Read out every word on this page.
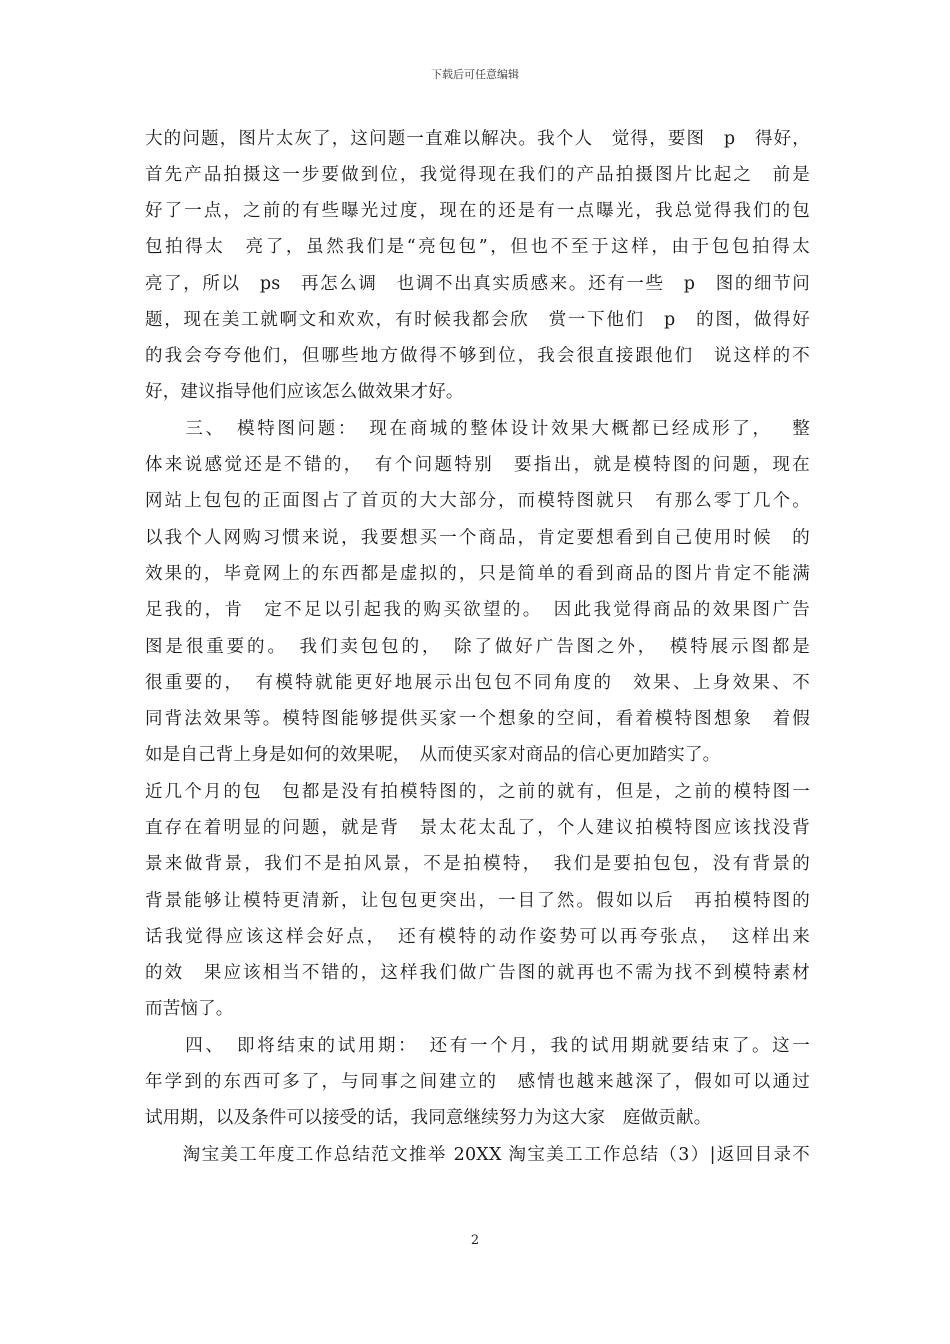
下载后可任意编辑
大的问题，图片太灰了，这问题一直难以解决。我个人　觉得，要图　p　得好，
首先产品拍摄这一步要做到位，我觉得现在我们的产品拍摄图片比起之　前是
好了一点，之前的有些曝光过度，现在的还是有一点曝光，我总觉得我们的包
包拍得太　亮了，虽然我们是“亮包包”，但也不至于这样，由于包包拍得太
亮了，所以　ps　再怎么调　也调不出真实质感来。还有一些　p　图的细节问
题，现在美工就啊文和欢欢，有时候我都会欣　赏一下他们　p　的图，做得好
的我会夸夸他们，但哪些地方做得不够到位，我会很直接跟他们　说这样的不
好，建议指导他们应该怎么做效果才好。
　　三、　模特图问题：　现在商城的整体设计效果大概都已经成形了，　 整
体来说感觉还是不错的，　有个问题特别　要指出，就是模特图的问题，现在
网站上包包的正面图占了首页的大大部分，而模特图就只　有那么零丁几个。
以我个人网购习惯来说，我要想买一个商品，肯定要想看到自己使用时候　的
效果的，毕竟网上的东西都是虚拟的，只是简单的看到商品的图片肯定不能满
足我的，肯　定不足以引起我的购买欲望的。　因此我觉得商品的效果图广告
图是很重要的。　我们卖包包的，　除了做好广告图之外，　模特展示图都是
很重要的，　有模特就能更好地展示出包包不同角度的　效果、上身效果、不
同背法效果等。模特图能够提供买家一个想象的空间，看着模特图想象　着假
如是自己背上身是如何的效果呢，　从而使买家对商品的信心更加踏实了。
近几个月的包　包都是没有拍模特图的，之前的就有，但是，之前的模特图一
直存在着明显的问题，就是背　景太花太乱了，个人建议拍模特图应该找没背
景来做背景，我们不是拍风景，不是拍模特，　我们是要拍包包，没有背景的
背景能够让模特更清新，让包包更突出，一目了然。假如以后　再拍模特图的
话我觉得应该这样会好点，　还有模特的动作姿势可以再夸张点，　这样出来
的效　果应该相当不错的，这样我们做广告图的就再也不需为找不到模特素材
而苦恼了。
　　四、　即将结束的试用期：　还有一个月，我的试用期就要结束了。这一
年学到的东西可多了，与同事之间建立的　感情也越来越深了，假如可以通过
试用期，以及条件可以接受的话，我同意继续努力为这大家　庭做贡献。
　　淘宝美工年度工作总结范文推举 20XX 淘宝美工工作总结（3）|返回目录不
2
